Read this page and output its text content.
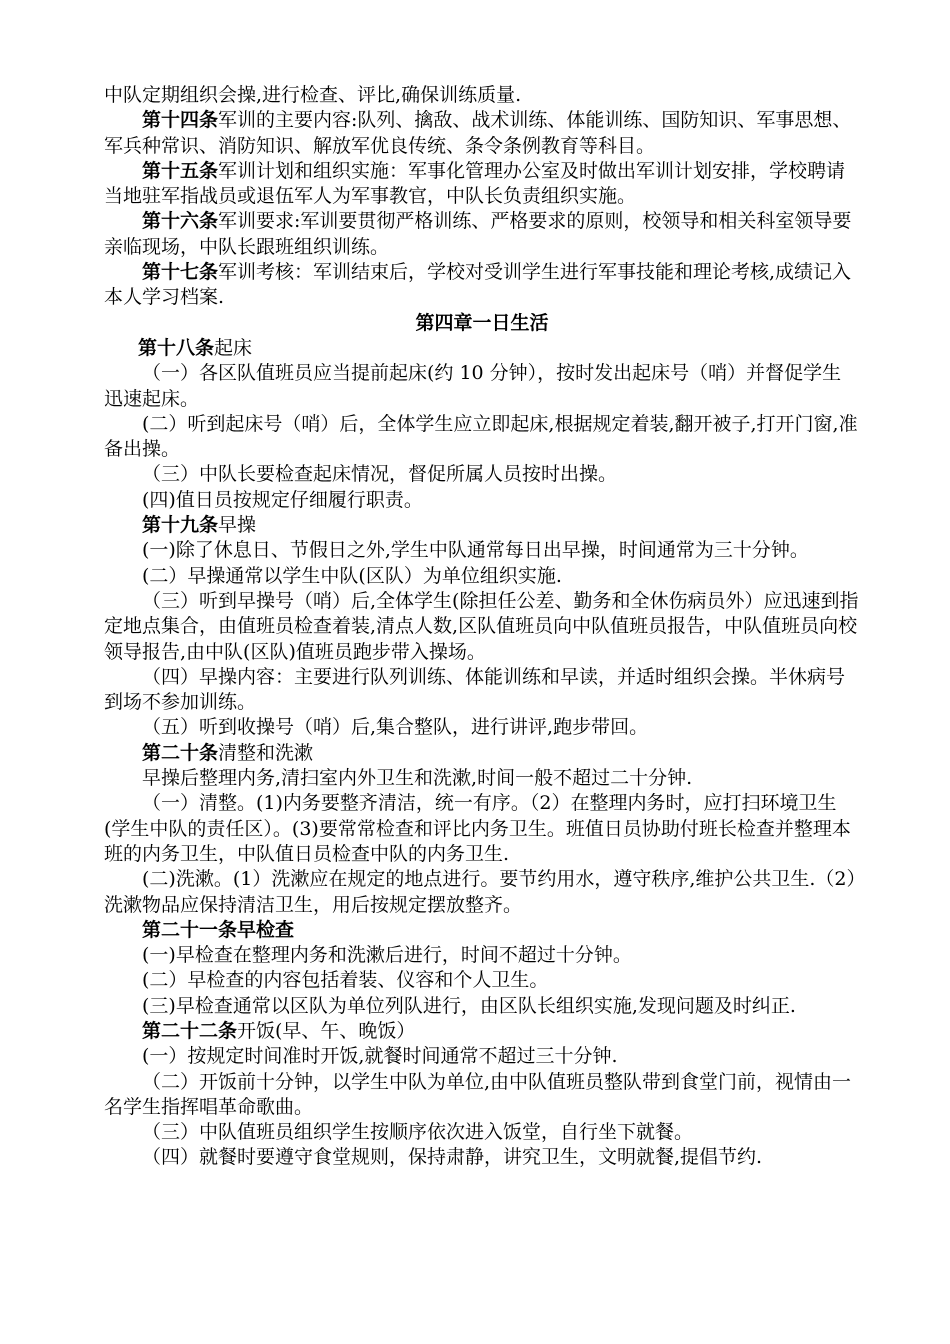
中队定期组织会操,进行检查、评比,确保训练质量.

第十四条军训的主要内容:队列、擒敌、战术训练、体能训练、国防知识、军事思想、军兵种常识、消防知识、解放军优良传统、条令条例教育等科目。

第十五条军训计划和组织实施：军事化管理办公室及时做出军训计划安排，学校聘请当地驻军指战员或退伍军人为军事教官，中队长负责组织实施。

第十六条军训要求:军训要贯彻严格训练、严格要求的原则，校领导和相关科室领导要亲临现场，中队长跟班组织训练。

第十七条军训考核：军训结束后，学校对受训学生进行军事技能和理论考核,成绩记入本人学习档案.

第四章一日生活

第十八条起床

（一）各区队值班员应当提前起床(约 10 分钟），按时发出起床号（哨）并督促学生迅速起床。

(二）听到起床号（哨）后，全体学生应立即起床,根据规定着装,翻开被子,打开门窗,准备出操。

（三）中队长要检查起床情况，督促所属人员按时出操。

(四)值日员按规定仔细履行职责。

第十九条早操

(一)除了休息日、节假日之外,学生中队通常每日出早操，时间通常为三十分钟。

(二）早操通常以学生中队(区队）为单位组织实施.

（三）听到早操号（哨）后,全体学生(除担任公差、勤务和全休伤病员外）应迅速到指定地点集合，由值班员检查着装,清点人数,区队值班员向中队值班员报告，中队值班员向校领导报告,由中队(区队)值班员跑步带入操场。

（四）早操内容：主要进行队列训练、体能训练和早读，并适时组织会操。半休病号到场不参加训练。

（五）听到收操号（哨）后,集合整队，进行讲评,跑步带回。

第二十条清整和洗漱

早操后整理内务,清扫室内外卫生和洗漱,时间一般不超过二十分钟.

（一）清整。(1)内务要整齐清洁，统一有序。（2）在整理内务时，应打扫环境卫生(学生中队的责任区）。(3)要常常检查和评比内务卫生。班值日员协助付班长检查并整理本班的内务卫生，中队值日员检查中队的内务卫生.

(二)洗漱。(1）洗漱应在规定的地点进行。要节约用水，遵守秩序,维护公共卫生.（2）洗漱物品应保持清洁卫生，用后按规定摆放整齐。

第二十一条早检查

(一)早检查在整理内务和洗漱后进行，时间不超过十分钟。

(二）早检查的内容包括着装、仪容和个人卫生。

(三)早检查通常以区队为单位列队进行，由区队长组织实施,发现问题及时纠正.

第二十二条开饭(早、午、晚饭）

(一）按规定时间准时开饭,就餐时间通常不超过三十分钟.

（二）开饭前十分钟，以学生中队为单位,由中队值班员整队带到食堂门前，视情由一名学生指挥唱革命歌曲。

（三）中队值班员组织学生按顺序依次进入饭堂，自行坐下就餐。

（四）就餐时要遵守食堂规则，保持肃静，讲究卫生，文明就餐,提倡节约.
